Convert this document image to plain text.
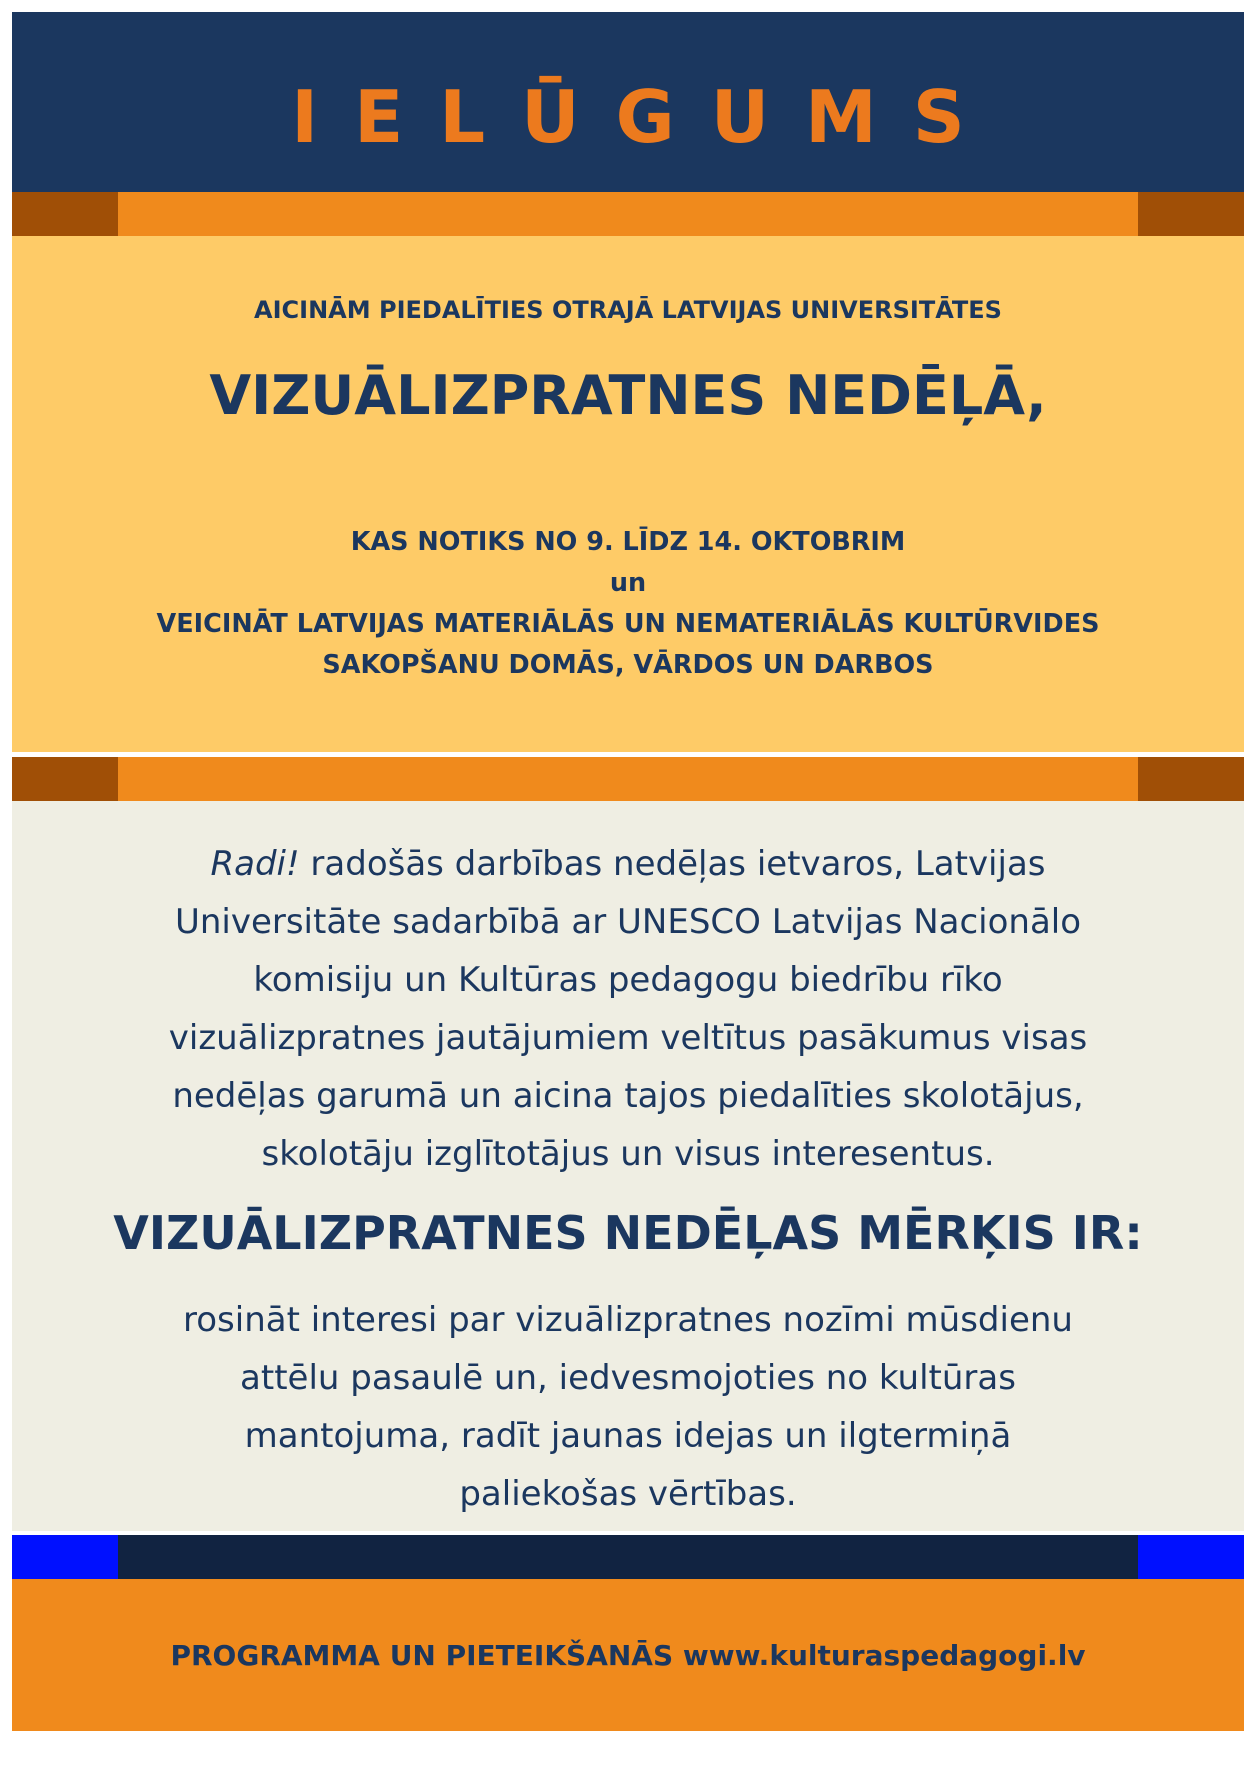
IELŪGUMS
AICINĀM PIEDALĪTIES OTRAJĀ LATVIJAS UNIVERSITĀTES
VIZUĀLIZPRATNES NEDĒĻĀ,
KAS NOTIKS NO 9. LĪDZ 14. OKTOBRIM
un
VEICINĀT LATVIJAS MATERIĀLĀS UN NEMATERIĀLĀS KULTŪRVIDES
SAKOPŠANU DOMĀS, VĀRDOS UN DARBOS
Radi! radošās darbības nedēļas ietvaros, Latvijas
Universitāte sadarbībā ar UNESCO Latvijas Nacionālo
komisiju un Kultūras pedagogu biedrību rīko
vizuālizpratnes jautājumiem veltītus pasākumus visas
nedēļas garumā un aicina tajos piedalīties skolotājus,
skolotāju izglītotājus un visus interesentus.
VIZUĀLIZPRATNES NEDĒĻAS MĒRĶIS IR:
rosināt interesi par vizuālizpratnes nozīmi mūsdienu
attēlu pasaulē un, iedvesmojoties no kultūras
mantojuma, radīt jaunas idejas un ilgtermiņā
paliekošas vērtības.
PROGRAMMA UN PIETEIKŠANĀS www.kulturaspedagogi.lv
